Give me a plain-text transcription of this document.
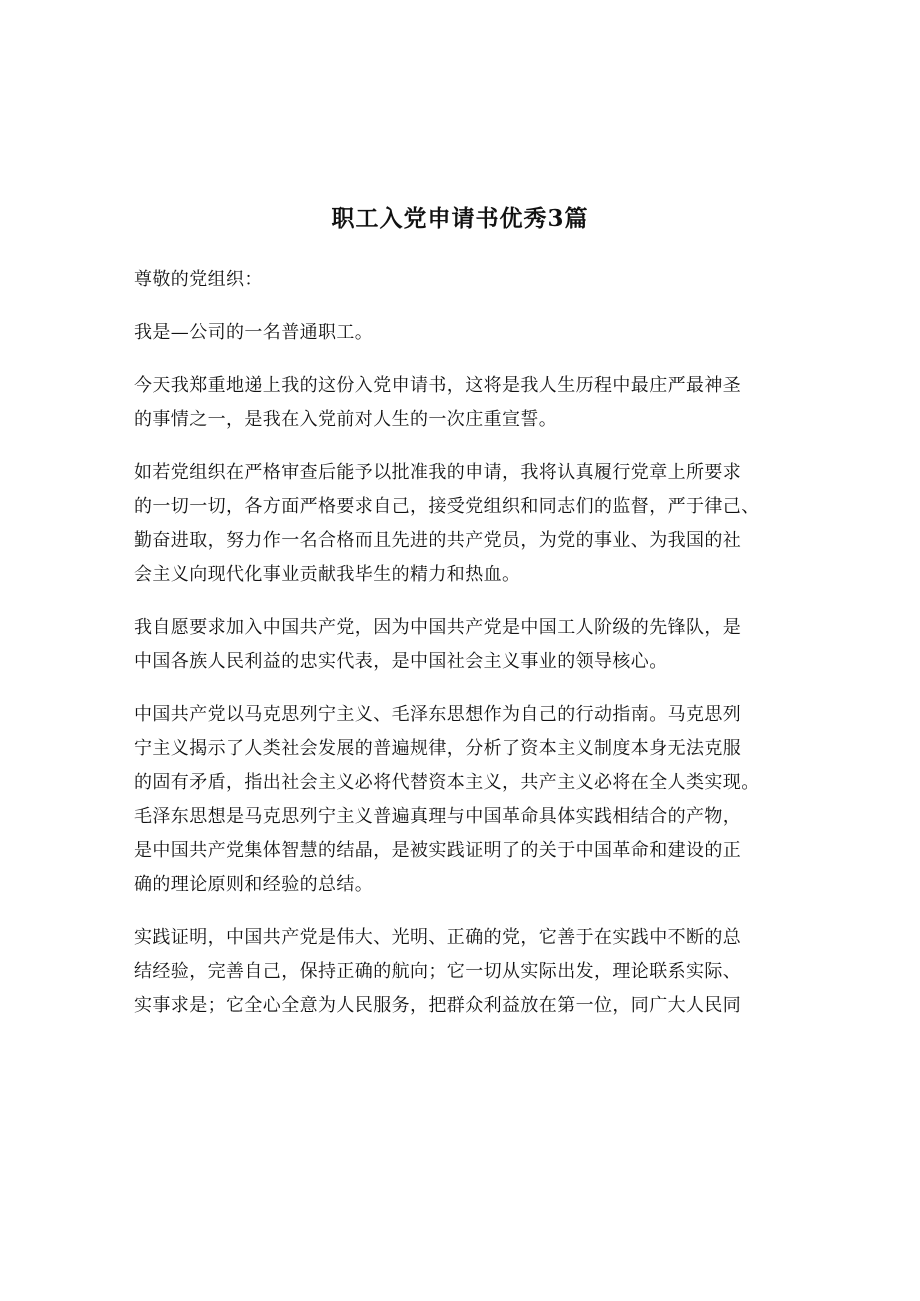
职工入党申请书优秀3篇

尊敬的党组织：

我是—公司的一名普通职工。

今天我郑重地递上我的这份入党申请书，这将是我人生历程中最庄严最神圣
的事情之一，是我在入党前对人生的一次庄重宣誓。

如若党组织在严格审查后能予以批准我的申请，我将认真履行党章上所要求
的一切一切，各方面严格要求自己，接受党组织和同志们的监督，严于律己、
勤奋进取，努力作一名合格而且先进的共产党员，为党的事业、为我国的社
会主义向现代化事业贡献我毕生的精力和热血。

我自愿要求加入中国共产党，因为中国共产党是中国工人阶级的先锋队，是
中国各族人民利益的忠实代表，是中国社会主义事业的领导核心。

中国共产党以马克思列宁主义、毛泽东思想作为自己的行动指南。马克思列
宁主义揭示了人类社会发展的普遍规律，分析了资本主义制度本身无法克服
的固有矛盾，指出社会主义必将代替资本主义，共产主义必将在全人类实现。
毛泽东思想是马克思列宁主义普遍真理与中国革命具体实践相结合的产物，
是中国共产党集体智慧的结晶，是被实践证明了的关于中国革命和建设的正
确的理论原则和经验的总结。

实践证明，中国共产党是伟大、光明、正确的党，它善于在实践中不断的总
结经验，完善自己，保持正确的航向；它一切从实际出发，理论联系实际、
实事求是；它全心全意为人民服务，把群众利益放在第一位，同广大人民同
